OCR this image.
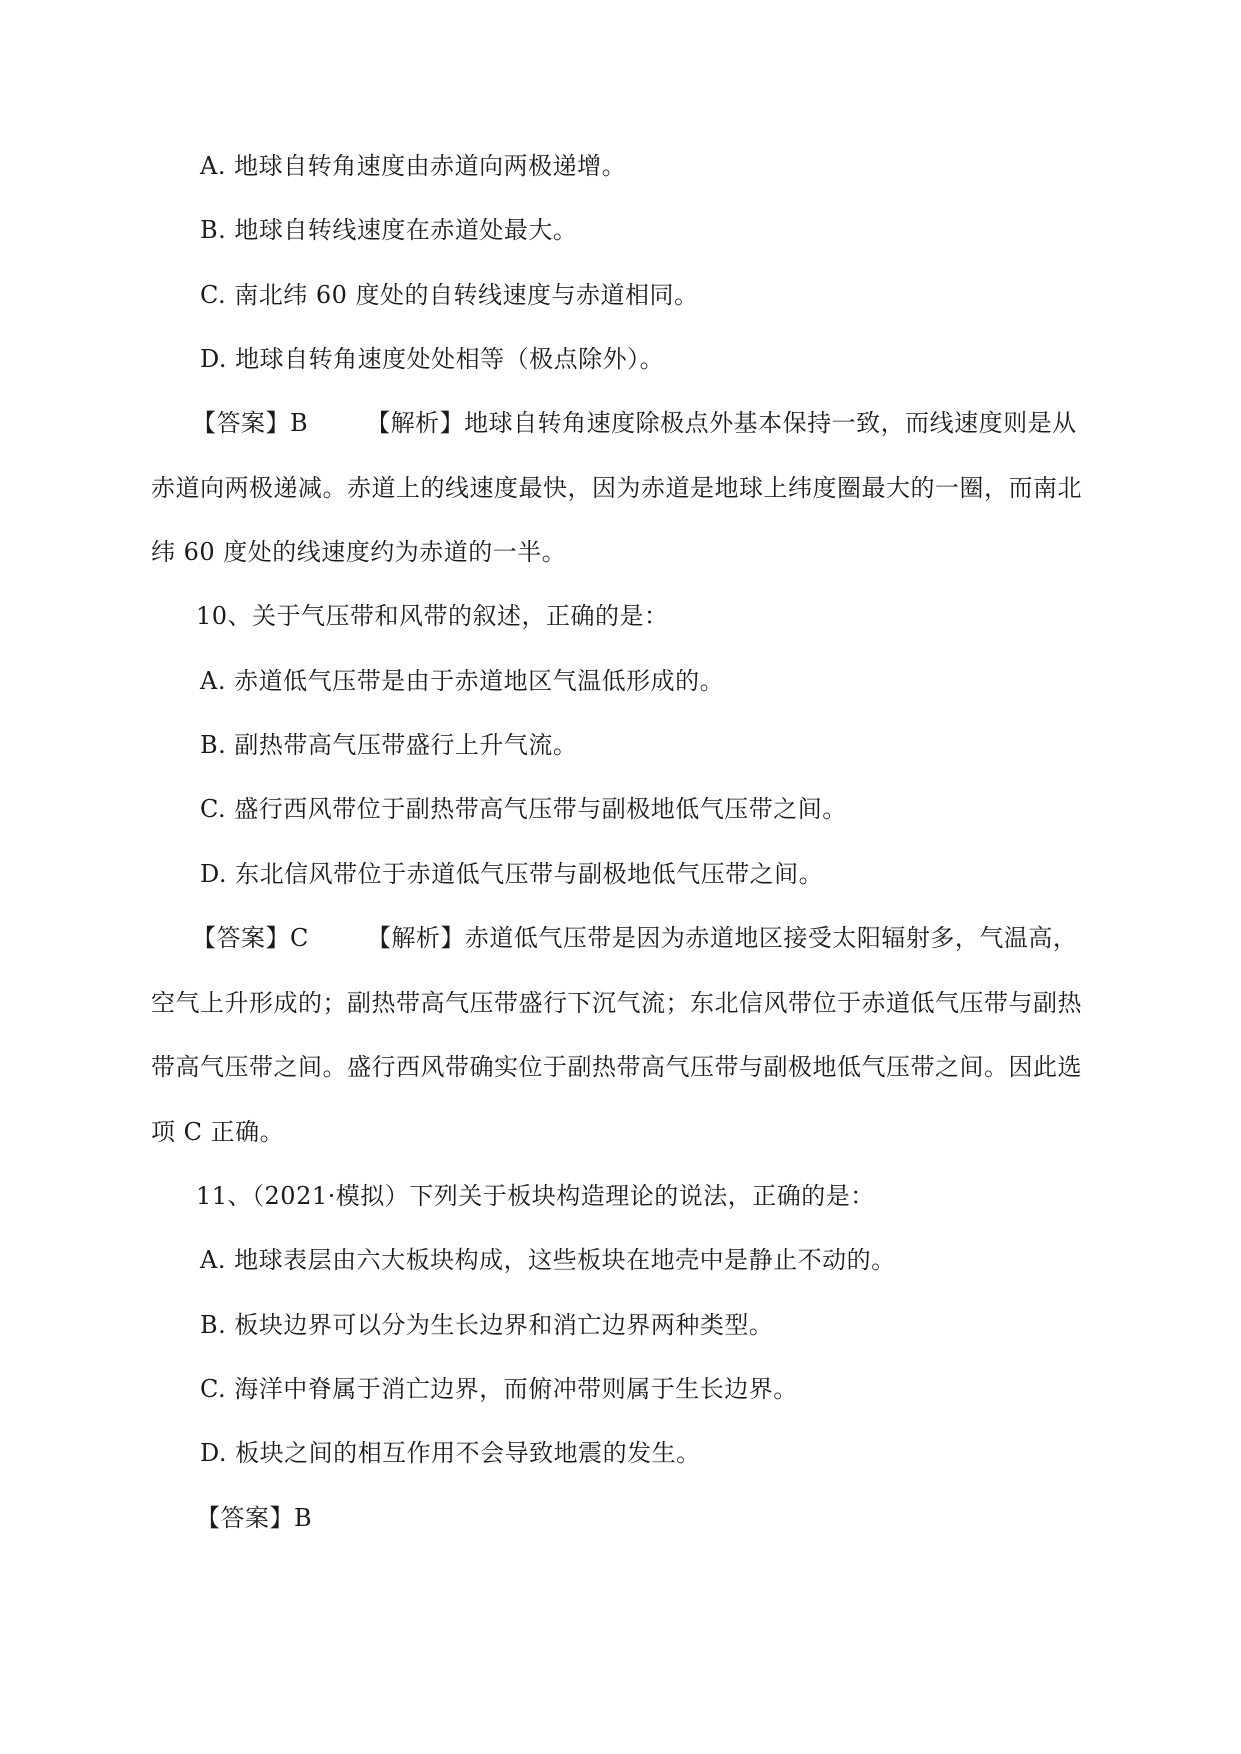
A. 地球自转角速度由赤道向两极递增。
B. 地球自转线速度在赤道处最大。
C. 南北纬 60 度处的自转线速度与赤道相同。
D. 地球自转角速度处处相等（极点除外）。
【答案】B 【解析】地球自转角速度除极点外基本保持一致，而线速度则是从
赤道向两极递减。赤道上的线速度最快，因为赤道是地球上纬度圈最大的一圈，而南北
纬 60 度处的线速度约为赤道的一半。
10、关于气压带和风带的叙述，正确的是：
A. 赤道低气压带是由于赤道地区气温低形成的。
B. 副热带高气压带盛行上升气流。
C. 盛行西风带位于副热带高气压带与副极地低气压带之间。
D. 东北信风带位于赤道低气压带与副极地低气压带之间。
【答案】C 【解析】赤道低气压带是因为赤道地区接受太阳辐射多，气温高，
空气上升形成的；副热带高气压带盛行下沉气流；东北信风带位于赤道低气压带与副热
带高气压带之间。盛行西风带确实位于副热带高气压带与副极地低气压带之间。因此选
项 C 正确。
11、（2021·模拟）下列关于板块构造理论的说法，正确的是：
A. 地球表层由六大板块构成，这些板块在地壳中是静止不动的。
B. 板块边界可以分为生长边界和消亡边界两种类型。
C. 海洋中脊属于消亡边界，而俯冲带则属于生长边界。
D. 板块之间的相互作用不会导致地震的发生。
【答案】B
